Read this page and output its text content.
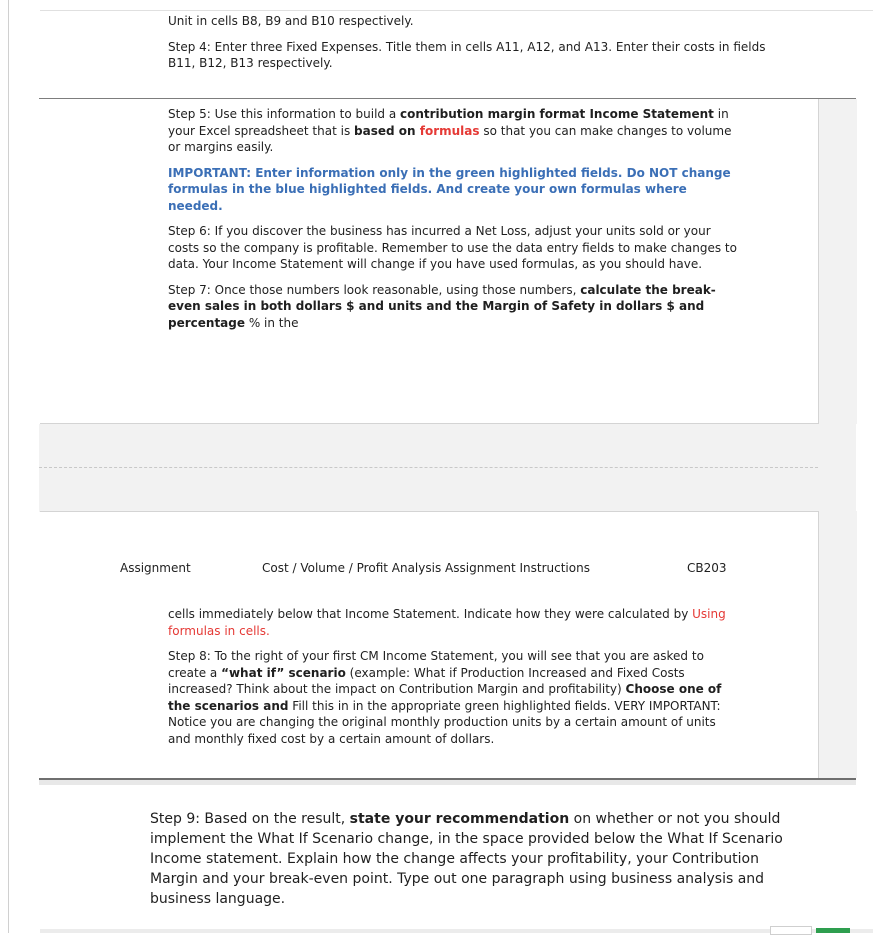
Unit in cells B8, B9 and B10 respectively.

Step 4: Enter three Fixed Expenses. Title them in cells A11, A12, and A13. Enter their costs in fields B11, B12, B13 respectively.

Step 5: Use this information to build a contribution margin format Income Statement in your Excel spreadsheet that is based on formulas so that you can make changes to volume or margins easily.

IMPORTANT: Enter information only in the green highlighted fields. Do NOT change formulas in the blue highlighted fields. And create your own formulas where needed.

Step 6: If you discover the business has incurred a Net Loss, adjust your units sold or your costs so the company is profitable. Remember to use the data entry fields to make changes to data. Your Income Statement will change if you have used formulas, as you should have.

Step 7: Once those numbers look reasonable, using those numbers, calculate the break-even sales in both dollars $ and units and the Margin of Safety in dollars $ and percentage % in the

Assignment	Cost / Volume / Profit Analysis Assignment Instructions	CB203

cells immediately below that Income Statement. Indicate how they were calculated by Using formulas in cells.

Step 8: To the right of your first CM Income Statement, you will see that you are asked to create a “what if” scenario (example: What if Production Increased and Fixed Costs increased? Think about the impact on Contribution Margin and profitability) Choose one of the scenarios and Fill this in in the appropriate green highlighted fields. VERY IMPORTANT: Notice you are changing the original monthly production units by a certain amount of units and monthly fixed cost by a certain amount of dollars.

Step 9: Based on the result, state your recommendation on whether or not you should implement the What If Scenario change, in the space provided below the What If Scenario Income statement. Explain how the change affects your profitability, your Contribution Margin and your break-even point. Type out one paragraph using business analysis and business language.
